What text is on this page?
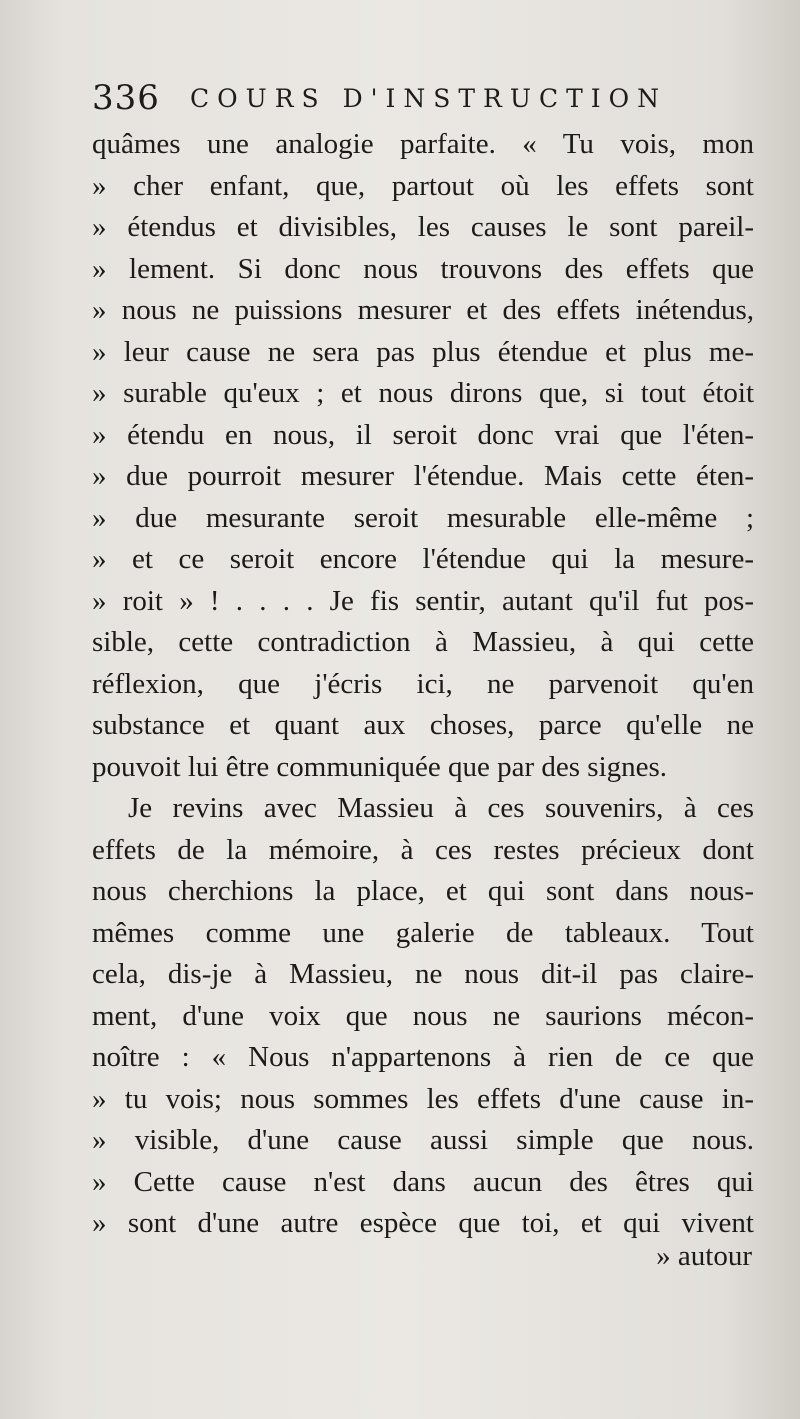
336 COURS D'INSTRUCTION
quâmes une analogie parfaite. « Tu vois, mon
» cher enfant, que, partout où les effets sont
» étendus et divisibles, les causes le sont pareil-
» lement. Si donc nous trouvons des effets que
» nous ne puissions mesurer et des effets inétendus,
» leur cause ne sera pas plus étendue et plus me-
» surable qu'eux ; et nous dirons que, si tout étoit
» étendu en nous, il seroit donc vrai que l'éten-
» due pourroit mesurer l'étendue. Mais cette éten-
» due mesurante seroit mesurable elle-même ;
» et ce seroit encore l'étendue qui la mesure-
» roit » ! . . . . Je fis sentir, autant qu'il fut pos-
sible, cette contradiction à Massieu, à qui cette
réflexion, que j'écris ici, ne parvenoit qu'en
substance et quant aux choses, parce qu'elle ne
pouvoit lui être communiquée que par des signes.
Je revins avec Massieu à ces souvenirs, à ces
effets de la mémoire, à ces restes précieux dont
nous cherchions la place, et qui sont dans nous-
mêmes comme une galerie de tableaux. Tout
cela, dis-je à Massieu, ne nous dit-il pas claire-
ment, d'une voix que nous ne saurions mécon-
noître : « Nous n'appartenons à rien de ce que
» tu vois; nous sommes les effets d'une cause in-
» visible, d'une cause aussi simple que nous.
» Cette cause n'est dans aucun des êtres qui
» sont d'une autre espèce que toi, et qui vivent
» autour
